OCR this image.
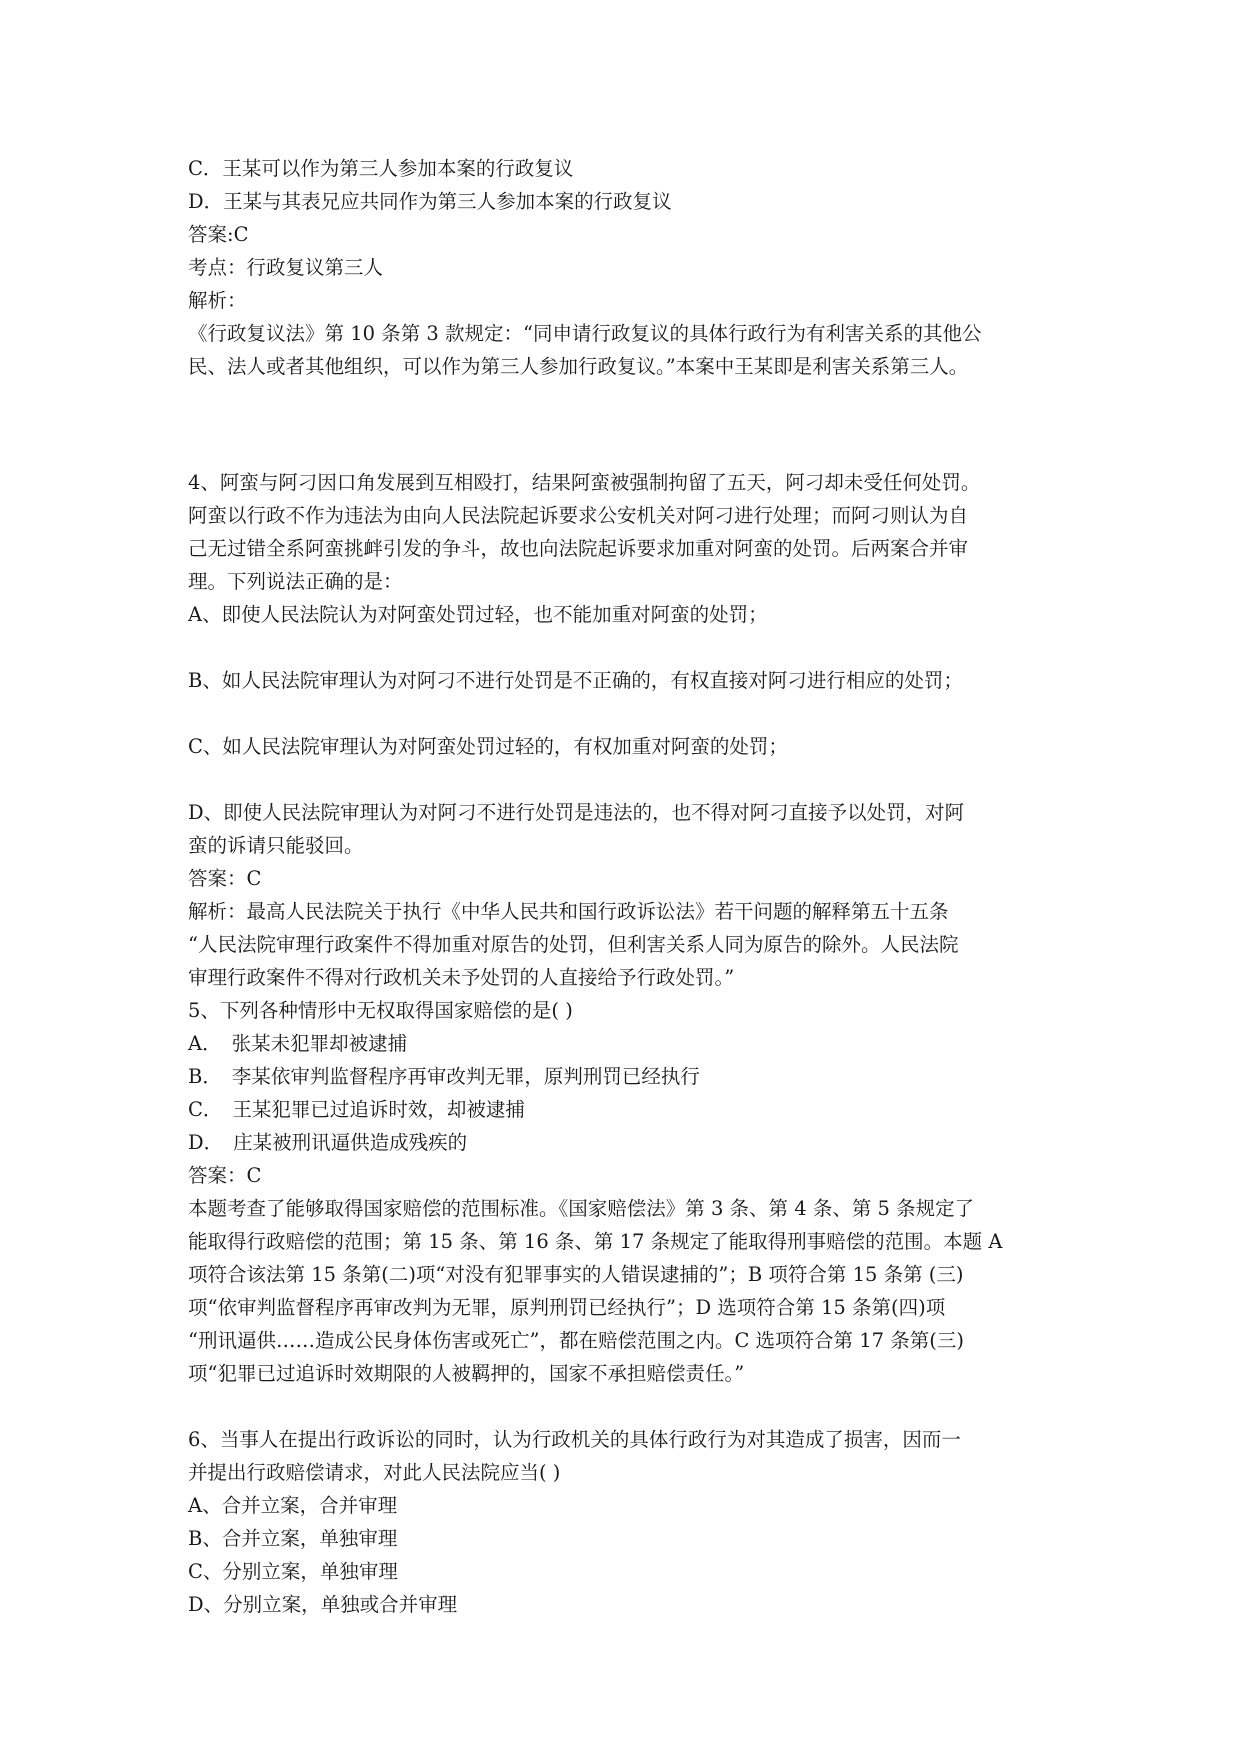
C．王某可以作为第三人参加本案的行政复议

D．王某与其表兄应共同作为第三人参加本案的行政复议

答案:C

考点：行政复议第三人

解析：

《行政复议法》第 10 条第 3 款规定：“同申请行政复议的具体行政行为有利害关系的其他公

民、法人或者其他组织，可以作为第三人参加行政复议。”本案中王某即是利害关系第三人。

4、阿蛮与阿刁因口角发展到互相殴打，结果阿蛮被强制拘留了五天，阿刁却未受任何处罚。

阿蛮以行政不作为违法为由向人民法院起诉要求公安机关对阿刁进行处理；而阿刁则认为自

己无过错全系阿蛮挑衅引发的争斗，故也向法院起诉要求加重对阿蛮的处罚。后两案合并审

理。下列说法正确的是：

A、即使人民法院认为对阿蛮处罚过轻，也不能加重对阿蛮的处罚；

B、如人民法院审理认为对阿刁不进行处罚是不正确的，有权直接对阿刁进行相应的处罚；

C、如人民法院审理认为对阿蛮处罚过轻的，有权加重对阿蛮的处罚；

D、即使人民法院审理认为对阿刁不进行处罚是违法的，也不得对阿刁直接予以处罚，对阿

蛮的诉请只能驳回。

答案：C

解析：最高人民法院关于执行《中华人民共和国行政诉讼法》若干问题的解释第五十五条

“人民法院审理行政案件不得加重对原告的处罚，但利害关系人同为原告的除外。人民法院

审理行政案件不得对行政机关未予处罚的人直接给予行政处罚。”

5、下列各种情形中无权取得国家赔偿的是( )

A． 张某未犯罪却被逮捕

B． 李某依审判监督程序再审改判无罪，原判刑罚已经执行

C． 王某犯罪已过追诉时效，却被逮捕

D． 庄某被刑讯逼供造成残疾的

答案：C

本题考查了能够取得国家赔偿的范围标准。《国家赔偿法》第 3 条、第 4 条、第 5 条规定了

能取得行政赔偿的范围；第 15 条、第 16 条、第 17 条规定了能取得刑事赔偿的范围。本题 A

项符合该法第 15 条第(二)项“对没有犯罪事实的人错误逮捕的”；B 项符合第 15 条第 (三)

项“依审判监督程序再审改判为无罪，原判刑罚已经执行”；D 选项符合第 15 条第(四)项

“刑讯逼供……造成公民身体伤害或死亡”，都在赔偿范围之内。C 选项符合第 17 条第(三)

项“犯罪已过追诉时效期限的人被羁押的，国家不承担赔偿责任。”

6、当事人在提出行政诉讼的同时，认为行政机关的具体行政行为对其造成了损害，因而一

并提出行政赔偿请求，对此人民法院应当( )

A、合并立案，合并审理

B、合并立案，单独审理

C、分别立案，单独审理

D、分别立案，单独或合并审理
